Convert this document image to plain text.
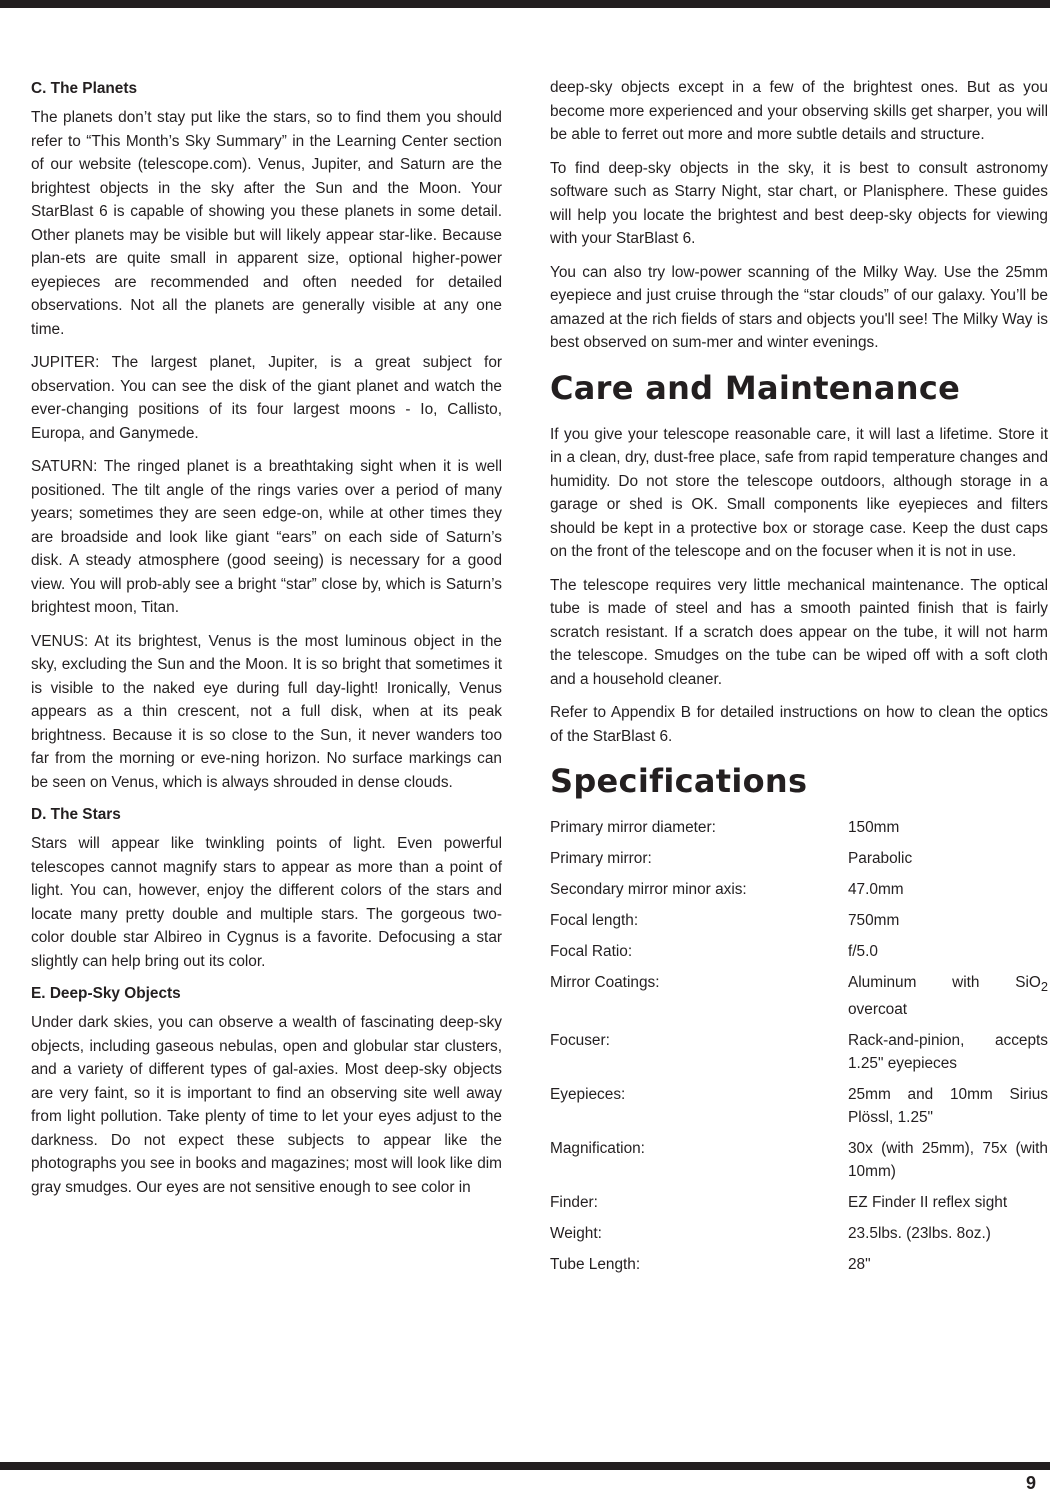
C. The Planets

The planets don’t stay put like the stars, so to find them you should refer to “This Month’s Sky Summary” in the Learning Center section of our website (telescope.com). Venus, Jupiter, and Saturn are the brightest objects in the sky after the Sun and the Moon. Your StarBlast 6 is capable of showing you these planets in some detail. Other planets may be visible but will likely appear star-like. Because plan-ets are quite small in apparent size, optional higher-power eyepieces are recommended and often needed for detailed observations. Not all the planets are generally visible at any one time.

JUPITER: The largest planet, Jupiter, is a great subject for observation. You can see the disk of the giant planet and watch the ever-changing positions of its four largest moons - Io, Callisto, Europa, and Ganymede.

SATURN: The ringed planet is a breathtaking sight when it is well positioned. The tilt angle of the rings varies over a period of many years; sometimes they are seen edge-on, while at other times they are broadside and look like giant “ears” on each side of Saturn’s disk. A steady atmosphere (good seeing) is necessary for a good view. You will prob-ably see a bright “star” close by, which is Saturn’s brightest moon, Titan.

VENUS: At its brightest, Venus is the most luminous object in the sky, excluding the Sun and the Moon. It is so bright that sometimes it is visible to the naked eye during full day-light! Ironically, Venus appears as a thin crescent, not a full disk, when at its peak brightness. Because it is so close to the Sun, it never wanders too far from the morning or eve-ning horizon. No surface markings can be seen on Venus, which is always shrouded in dense clouds.

D. The Stars

Stars will appear like twinkling points of light. Even powerful telescopes cannot magnify stars to appear as more than a point of light. You can, however, enjoy the different colors of the stars and locate many pretty double and multiple stars. The gorgeous two-color double star Albireo in Cygnus is a favorite. Defocusing a star slightly can help bring out its color.

E. Deep-Sky Objects

Under dark skies, you can observe a wealth of fascinating deep-sky objects, including gaseous nebulas, open and globular star clusters, and a variety of different types of gal-axies. Most deep-sky objects are very faint, so it is important to find an observing site well away from light pollution. Take plenty of time to let your eyes adjust to the darkness. Do not expect these subjects to appear like the photographs you see in books and magazines; most will look like dim gray smudges. Our eyes are not sensitive enough to see color in

deep-sky objects except in a few of the brightest ones. But as you become more experienced and your observing skills get sharper, you will be able to ferret out more and more subtle details and structure.

To find deep-sky objects in the sky, it is best to consult astronomy software such as Starry Night, star chart, or Planisphere. These guides will help you locate the brightest and best deep-sky objects for viewing with your StarBlast 6.

You can also try low-power scanning of the Milky Way. Use the 25mm eyepiece and just cruise through the “star clouds” of our galaxy. You’ll be amazed at the rich fields of stars and objects you'll see! The Milky Way is best observed on sum-mer and winter evenings.

Care and Maintenance

If you give your telescope reasonable care, it will last a lifetime. Store it in a clean, dry, dust-free place, safe from rapid temperature changes and humidity. Do not store the telescope outdoors, although storage in a garage or shed is OK. Small components like eyepieces and filters should be kept in a protective box or storage case. Keep the dust caps on the front of the telescope and on the focuser when it is not in use.

The telescope requires very little mechanical maintenance. The optical tube is made of steel and has a smooth painted finish that is fairly scratch resistant. If a scratch does appear on the tube, it will not harm the telescope. Smudges on the tube can be wiped off with a soft cloth and a household cleaner.

Refer to Appendix B for detailed instructions on how to clean the optics of the StarBlast 6.

Specifications
Primary mirror diameter:	150mm
Primary mirror:	Parabolic
Secondary mirror minor axis:	47.0mm
Focal length:	750mm
Focal Ratio:	f/5.0
Mirror Coatings:	Aluminum with SiO$_2$ overcoat
Focuser:	Rack-and-pinion, accepts 1.25" eyepieces
Eyepieces:	25mm and 10mm Sirius Plössl, 1.25"
Magnification:	30x (with 25mm), 75x (with 10mm)
Finder:	EZ Finder II reflex sight
Weight:	23.5lbs. (23lbs. 8oz.)
Tube Length:	28"
9
